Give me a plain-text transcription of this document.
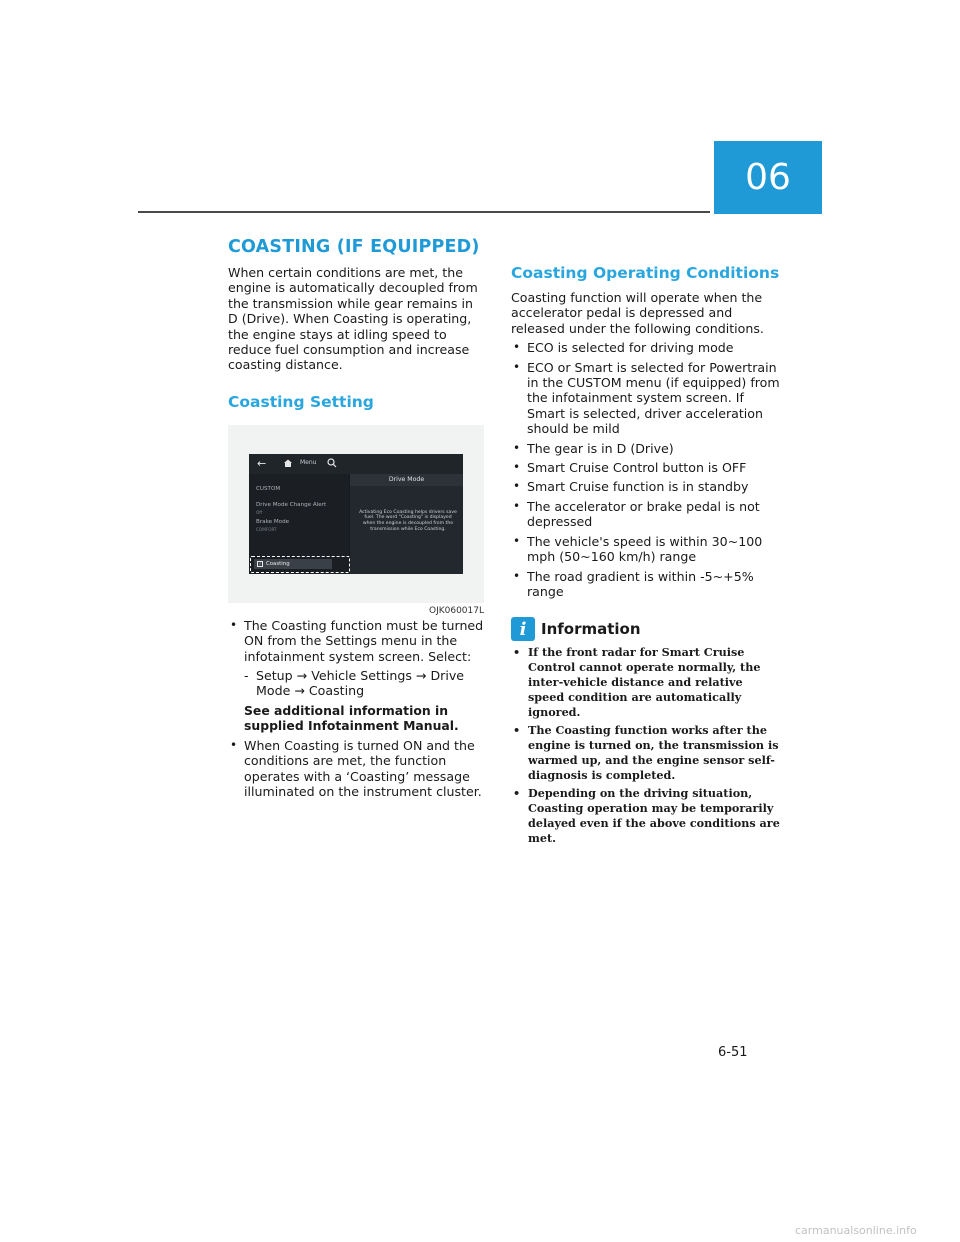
06
COASTING (IF EQUIPPED)

When certain conditions are met, the engine is automatically decoupled from the transmission while gear remains in D (Drive). When Coasting is operating, the engine stays at idling speed to reduce fuel consumption and increase coasting distance.

Coasting Setting
←	Menu
CUSTOM
Drive Mode Change Alert
Off
Brake Mode
COMFORT
✓ Coasting
Drive Mode
Activating Eco Coasting helps drivers save fuel. The word "Coasting" is displayed when the engine is decoupled from the transmission while Eco Coasting.
OJK060017L
• The Coasting function must be turned ON from the Settings menu in the infotainment system screen. Select:
- Setup → Vehicle Settings → Drive Mode → Coasting
See additional information in supplied Infotainment Manual.
• When Coasting is turned ON and the conditions are met, the function operates with a ‘Coasting’ message illuminated on the instrument cluster.
Coasting Operating Conditions

Coasting function will operate when the accelerator pedal is depressed and released under the following conditions.

• ECO is selected for driving mode
• ECO or Smart is selected for Powertrain in the CUSTOM menu (if equipped) from the infotainment system screen. If Smart is selected, driver acceleration should be mild
• The gear is in D (Drive)
• Smart Cruise Control button is OFF
• Smart Cruise function is in standby
• The accelerator or brake pedal is not depressed
• The vehicle's speed is within 30~100 mph (50~160 km/h) range
• The road gradient is within -5~+5% range
i Information
• If the front radar for Smart Cruise Control cannot operate normally, the inter-vehicle distance and relative speed condition are automatically ignored.
• The Coasting function works after the engine is turned on, the transmission is warmed up, and the engine sensor self-diagnosis is completed.
• Depending on the driving situation, Coasting operation may be temporarily delayed even if the above conditions are met.
6-51
carmanualsonline.info
